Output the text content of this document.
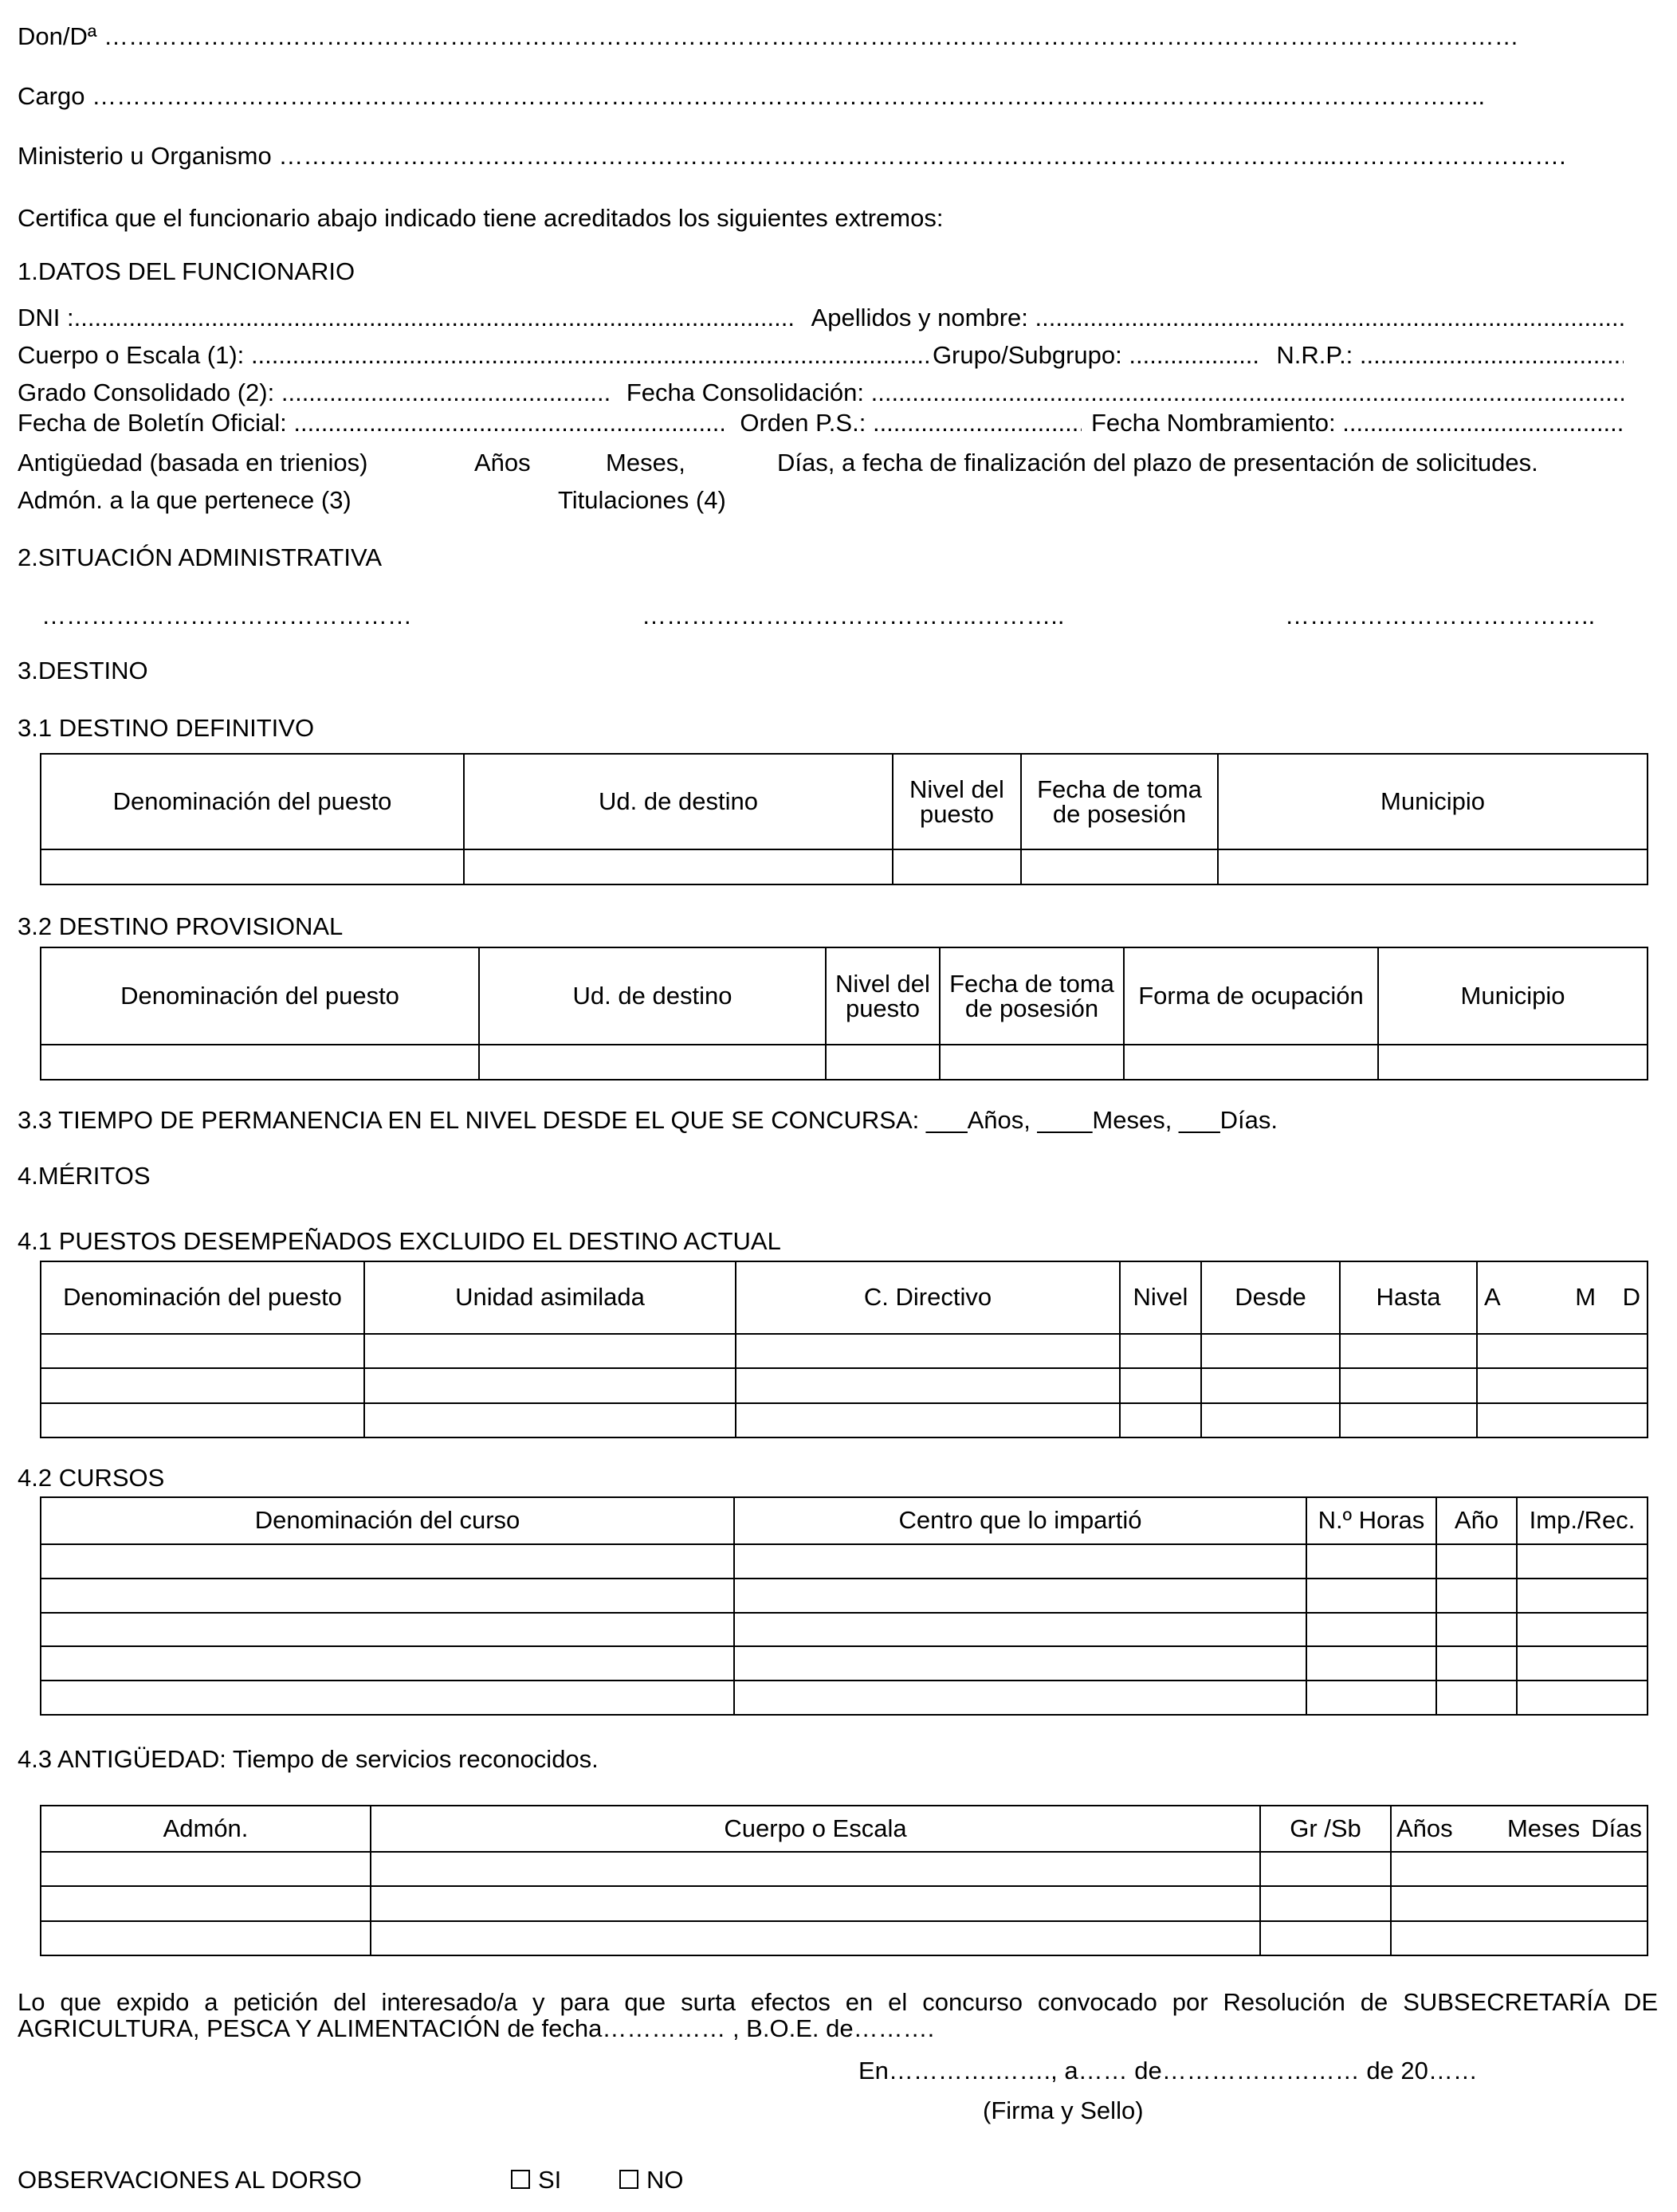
Don/Dª
……………………………………………………………………………………………………………………………………………….………
Cargo
……………………………………………………………………………………………………………….……………..……………………..
Ministerio u Organismo
………………………………………………………………………………………………………………...……………………….
Certifica que el funcionario abajo indicado tiene acreditados los siguientes extremos:
1.DATOS DEL FUNCIONARIO
DNI : .....	Apellidos y nombre:

.....
Cuerpo o Escala (1):
.....	Grupo/Subgrupo:
.....	N.R.P.:

.....
Grado Consolidado (2):
.....	Fecha Consolidación:

.....
Fecha de Boletín Oficial:
.....	Orden P.S.:
.....	Fecha Nombramiento:

.....
Antigüedad (basada en trienios)	Años	Meses,	Días, a fecha de finalización del plazo de presentación de solicitudes.
Admón. a la que pertenece (3)	Titulaciones (4)
2.SITUACIÓN ADMINISTRATIVA
………………………………………	…………………………………..………..	………………………………..
3.DESTINO
3.1 DESTINO DEFINITIVO
Denominación del puesto	Ud. de destino	Nivel del puesto	Fecha de toma de posesión	Municipio

3.2 DESTINO PROVISIONAL
Denominación del puesto	Ud. de destino	Nivel del puesto	Fecha de toma de posesión	Forma de ocupación	Municipio

3.3 TIEMPO DE PERMANENCIA EN EL NIVEL DESDE EL QUE SE CONCURSA: ___Años, ____Meses, ___Días.
4.MÉRITOS
4.1 PUESTOS DESEMPEÑADOS EXCLUIDO EL DESTINO ACTUAL
Denominación del puesto	Unidad asimilada	C. Directivo	Nivel	Desde	Hasta	A M D

4.2 CURSOS
Denominación del curso	Centro que lo impartió	N.º Horas	Año	Imp./Rec.

4.3 ANTIGÜEDAD: Tiempo de servicios reconocidos.
Admón.	Cuerpo o Escala	Gr /Sb	Años Meses Días

Lo que expido a petición del interesado/a y para que surta efectos en el concurso convocado por Resolución de SUBSECRETARÍA DE AGRICULTURA, PESCA Y ALIMENTACIÓN de fecha…………… , B.O.E. de……….
En………….……., a…… de…………………… de 20……
(Firma y Sello)
OBSERVACIONES AL DORSO	SI	NO
